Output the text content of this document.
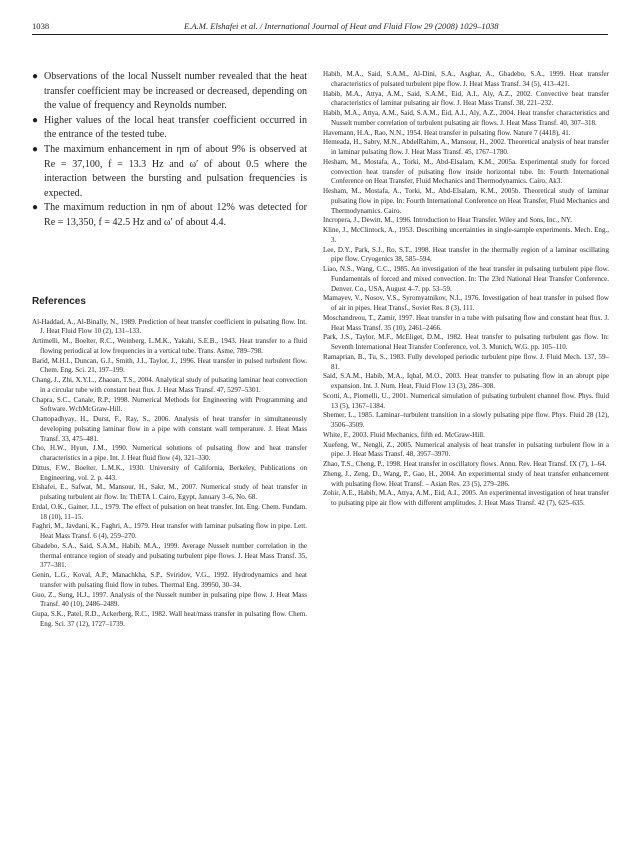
1038	E.A.M. Elshafei et al. / International Journal of Heat and Fluid Flow 29 (2008) 1029–1038
● Observations of the local Nusselt number revealed that the heat transfer coefficient may be increased or decreased, depending on the value of frequency and Reynolds number.
● Higher values of the local heat transfer coefficient occurred in the entrance of the tested tube.
● The maximum enhancement in ηm of about 9% is observed at Re = 37,100, f = 13.3 Hz and ω′ of about 0.5 where the interaction between the bursting and pulsation frequencies is expected.
● The maximum reduction in ηm of about 12% was detected for Re = 13,350, f = 42.5 Hz and ω′ of about 4.4.
References
Al-Haddad, A., Al-Binally, N., 1989. Prediction of heat transfer coefficient in pulsating flow. Int. J. Heat Fluid Flow 10 (2), 131–133.
Artimelli, M., Boelter, R.C., Weinberg, L.M.K., Yakahi, S.E.B., 1943. Heat transfer to a fluid flowing periodical at low frequencies in a vertical tube. Trans. Asme, 789–798.
Barid, M.H.I., Duncan, G.J., Smith, J.I., Taylor, J., 1996. Heat transfer in pulsed turbulent flow. Chem. Eng. Sci. 21, 197–199.
Chang, J., Zhi, X.Y.L., Zhaoan, T.S., 2004. Analytical study of pulsating laminar heat convection in a circular tube with constant heat flux. J. Heat Mass Transf. 47, 5297–5301.
Chapra, S.C., Canale, R.P., 1998. Numerical Methods for Engineering with Programming and Software. WcbMcGraw-Hill.
Chattopadhyay, H., Durst, F., Ray, S., 2006. Analysis of heat transfer in simultaneously developing pulsating laminar flow in a pipe with constant wall temperature. J. Heat Mass Transf. 33, 475–481.
Cho, H.W., Hyun, J.M., 1990. Numerical solutions of pulsating flow and heat transfer characteristics in a pipe. Int. J. Heat fluid flow (4), 321–330.
Dittus, F.W., Boelter, L.M.K., 1930. University of California, Berkeley, Publications on Engineering, vol. 2. p. 443.
Elshafei, E., Safwat, M., Mansour, H., Sakr, M., 2007. Numerical study of heat transfer in pulsating turbulent air flow. In: ThETA 1. Cairo, Egypt, January 3–6, No. 68.
Erdal, O.K., Gainer, J.L., 1979. The effect of pulsation on heat transfer. Int. Eng. Chem. Fundam. 18 (10), 11–15.
Faghri, M., Javdani, K., Faghri, A., 1979. Heat transfer with laminar pulsating flow in pipe. Lett. Heat Mass Transf. 6 (4), 259–270.
Gbadebo, S.A., Said, S.A.M., Habib, M.A., 1999. Average Nusselt number correlation in the thermal entrance region of steady and pulsating turbulent pipe flows. J. Heat Mass Transf. 35, 377–381.
Genin, L.G., Koval, A.P., Manachkha, S.P., Sviridov, V.G., 1992. Hydrodynamics and heat transfer with pulsating fluid flow in tubes. Thermal Eng. 39950, 30–34.
Guo, Z., Sung, H.J., 1997. Analysis of the Nusselt number in pulsating pipe flow. J. Heat Mass Transf. 40 (10), 2486–2489.
Gupa, S.K., Patel, R.D., Ackerberg, R.C., 1982. Wall heat/mass transfer in pulsating flow. Chem. Eng. Sci. 37 (12), 1727–1739.
Habib, M.A., Said, S.A.M., Al-Dini, S.A., Asghar, A., Gbadebo, S.A., 1999. Heat transfer characteristics of pulsated turbulent pipe flow. J. Heat Mass Transf. 34 (5), 413–421.
Habib, M.A., Attya, A.M., Said, S.A.M., Eid, A.I., Aly, A.Z., 2002. Convective heat transfer characteristics of laminar pulsating air flow. J. Heat Mass Transf. 38, 221–232.
Habib, M.A., Attya, A.M., Said, S.A.M., Eid, A.I., Aly, A.Z., 2004. Heat transfer characteristics and Nusselt number correlation of turbulent pulsating air flows. J. Heat Mass Transf. 40, 307–318.
Havemann, H.A., Rao, N.N., 1954. Heat transfer in pulsating flow. Nature 7 (4418), 41.
Hemeada, H., Sabry, M.N., AbdelRahim, A., Mansour, H., 2002. Theoretical analysis of heat transfer in laminar pulsating flow. J. Heat Mass Transf. 45, 1767–1780.
Hesham, M., Mostafa, A., Torki, M., Abd-Elsalam, K.M., 2005a. Experimental study for forced convection heat transfer of pulsating flow inside horizontal tube. In: Fourth International Conference on Heat Transfer, Fluid Mechanics and Thermodynamics. Cairo, Ak3.
Hesham, M., Mostafa, A., Torki, M., Abd-Elsalam, K.M., 2005b. Theoretical study of laminar pulsating flow in pipe. In: Fourth International Conference on Heat Transfer, Fluid Mechanics and Thermodynamics. Cairo.
Incropera, J., Dewitt, M., 1996. Introduction to Heat Transfer. Wiley and Sons, Inc., NY.
Kline, J., McClintock, A., 1953. Describing uncertainties in single-sample experiments. Mech. Eng., 3.
Lee, D.Y., Park, S.J., Ro, S.T., 1998. Heat transfer in the thermally region of a laminar oscillating pipe flow. Cryogenics 38, 585–594.
Liao, N.S., Wang, C.C., 1985. An investigation of the heat transfer in pulsating turbulent pipe flow. Fundamentals of forced and mixed convection. In: The 23rd National Heat Transfer Conference. Denver. Co., USA, August 4–7. pp. 53–59.
Mamayev, V., Nosov, V.S., Syromyatnikov, N.I., 1976. Investigation of heat transfer in pulsed flow of air in pipes. Heat Transf., Soviet Res. 8 (3), 111.
Moschandreou, T., Zamir, 1997. Heat transfer in a tube with pulsating flow and constant heat flux. J. Heat Mass Transf. 35 (10), 2461–2466.
Park, J.S., Taylor, M.F., McEliget, D.M., 1982. Heat transfer to pulsating turbulent gas flow. In: Seventh International Heat Transfer Conference, vol. 3. Munich, W.G. pp. 105–110.
Ramaprian, B., Tu, S., 1983. Fully developed periodic turbulent pipe flow. J. Fluid Mech. 137, 59–81.
Said, S.A.M., Habib, M.A., Iqbal, M.O., 2003. Heat transfer to pulsating flow in an abrupt pipe expansion. Int. J. Num. Heat, Fluid Flow 13 (3), 286–308.
Scotti, A., Piomelli, U., 2001. Numerical simulation of pulsating turbulent channel flow. Phys. fluid 13 (5), 1367–1384.
Shemer, L., 1985. Laminar–turbulent transition in a slowly pulsating pipe flow. Phys. Fluid 28 (12), 3506–3509.
White, F., 2003. Fluid Mechanics, fifth ed. McGraw-Hill.
Xuefeng, W., Nengli, Z., 2005. Numerical analysis of heat transfer in pulsating turbulent flow in a pipe. J. Heat Mass Transf. 48, 3957–3970.
Zhao, T.S., Cheng, P., 1998. Heat transfer in oscillatory flows. Annu. Rev. Heat Transf. IX (7), 1–64.
Zheng, J., Zeng, D., Wang, P., Gao, H., 2004. An experimental study of heat transfer enhancement with pulsating flow. Heat Transf. – Asian Res. 23 (5), 279–286.
Zohir, A.E., Habib, M.A., Attya, A.M., Eid, A.I., 2005. An experimental investigation of heat transfer to pulsating pipe air flow with different amplitudes. J. Heat Mass Transf. 42 (7), 625–635.
